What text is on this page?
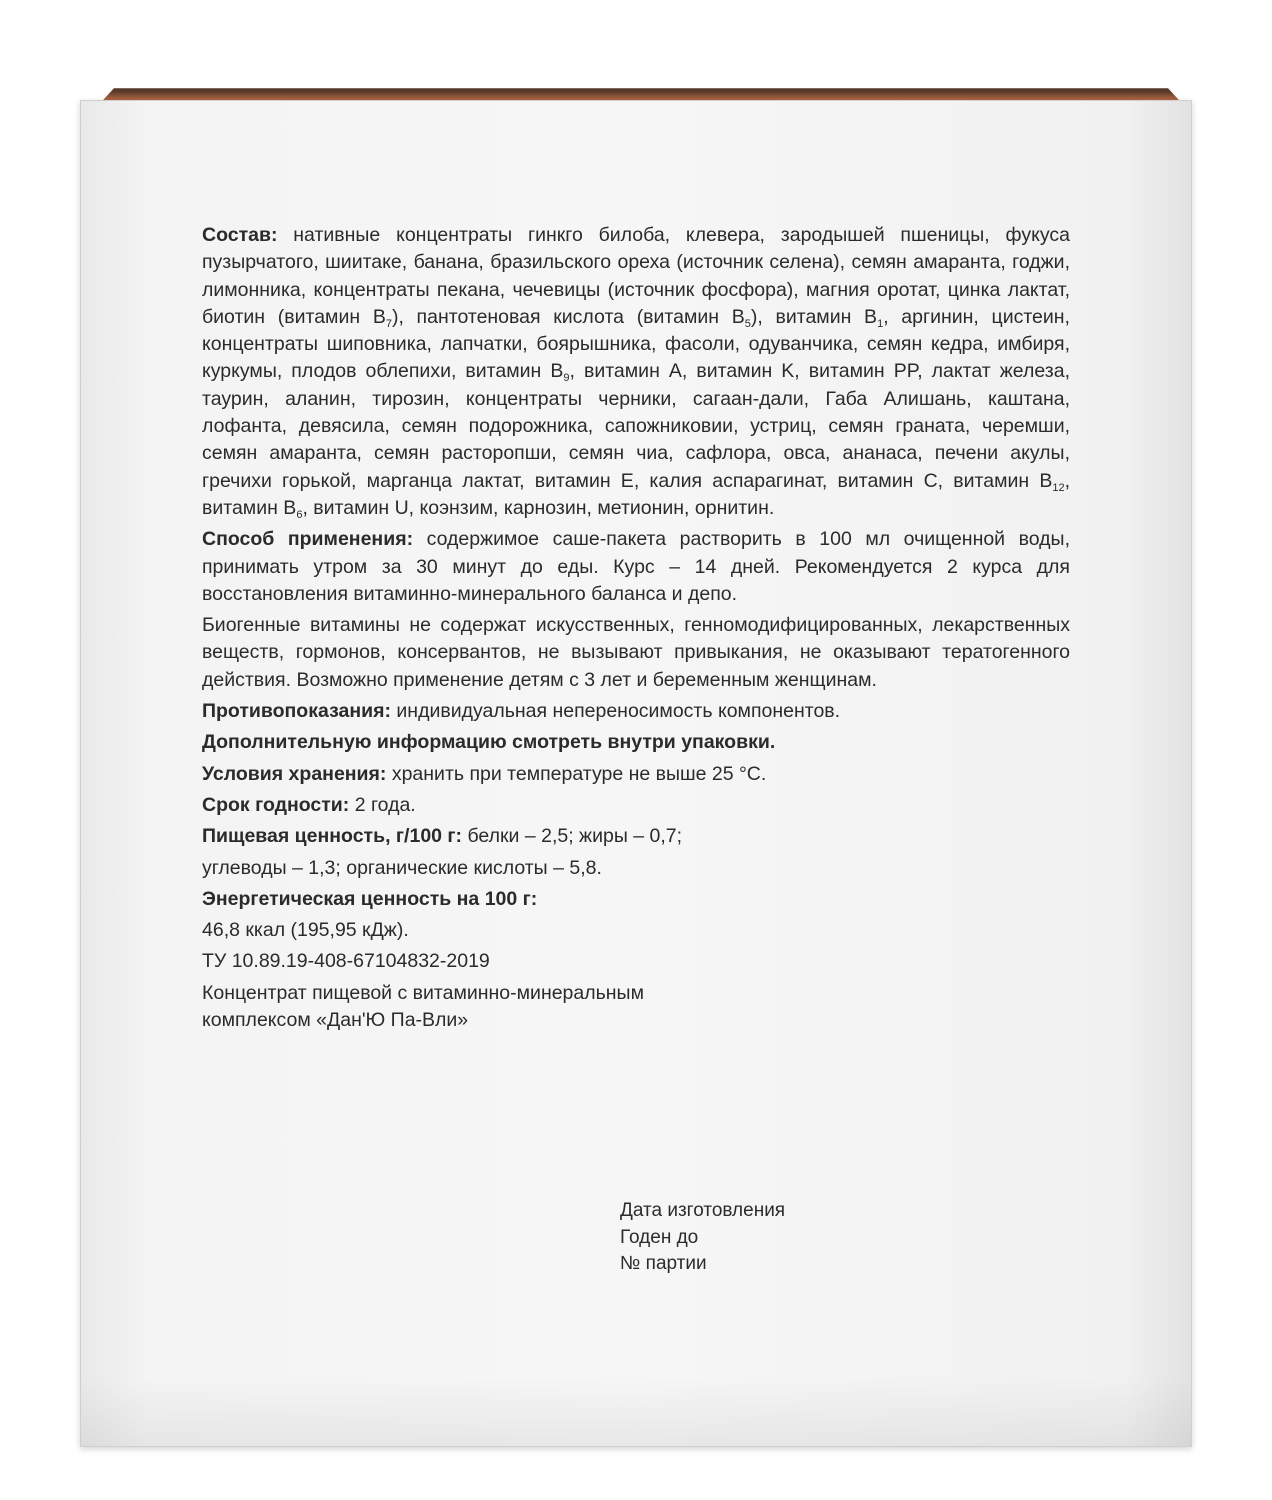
Состав: нативные концентраты гинкго билоба, клевера, зародышей пшеницы, фукуса пузырчатого, шиитаке, банана, бразильского ореха (источник селена), семян амаранта, годжи, лимонника, концентраты пекана, чечевицы (источник фосфора), магния оротат, цинка лактат, биотин (витамин $B_7$), пантотеновая кислота (витамин $B_5$), витамин $B_1$, аргинин, цистеин, концентраты шиповника, лапчатки, боярышника, фасоли, одуванчика, семян кедра, имбиря, куркумы, плодов облепихи, витамин $B_9$, витамин A, витамин K, витамин PP, лактат железа, таурин, аланин, тирозин, концентраты черники, сагаан-дали, Габа Алишань, каштана, лофанта, девясила, семян подорожника, сапожниковии, устриц, семян граната, черемши, семян амаранта, семян расторопши, семян чиа, сафлора, овса, ананаса, печени акулы, гречихи горькой, марганца лактат, витамин E, калия аспарагинат, витамин C, витамин $B_{12}$, витамин $B_6$, витамин U, коэнзим, карнозин, метионин, орнитин.

Способ применения: содержимое саше-пакета растворить в 100 мл очищенной воды, принимать утром за 30 минут до еды. Курс – 14 дней. Рекомендуется 2 курса для восстановления витаминно-минерального баланса и депо.

Биогенные витамины не содержат искусственных, генномодифицированных, лекарственных веществ, гормонов, консервантов, не вызывают привыкания, не оказывают тератогенного действия. Возможно применение детям с 3 лет и беременным женщинам.

Противопоказания: индивидуальная непереносимость компонентов.

Дополнительную информацию смотреть внутри упаковки.

Условия хранения: хранить при температуре не выше 25 °С.

Срок годности: 2 года.

Пищевая ценность, г/100 г: белки – 2,5; жиры – 0,7;

углеводы – 1,3; органические кислоты – 5,8.

Энергетическая ценность на 100 г:

46,8 ккал (195,95 кДж).

ТУ 10.89.19-408-67104832-2019

Концентрат пищевой с витаминно-минеральным

комплексом «Дан'Ю Па-Вли»

Дата изготовления
Годен до
№ партии
